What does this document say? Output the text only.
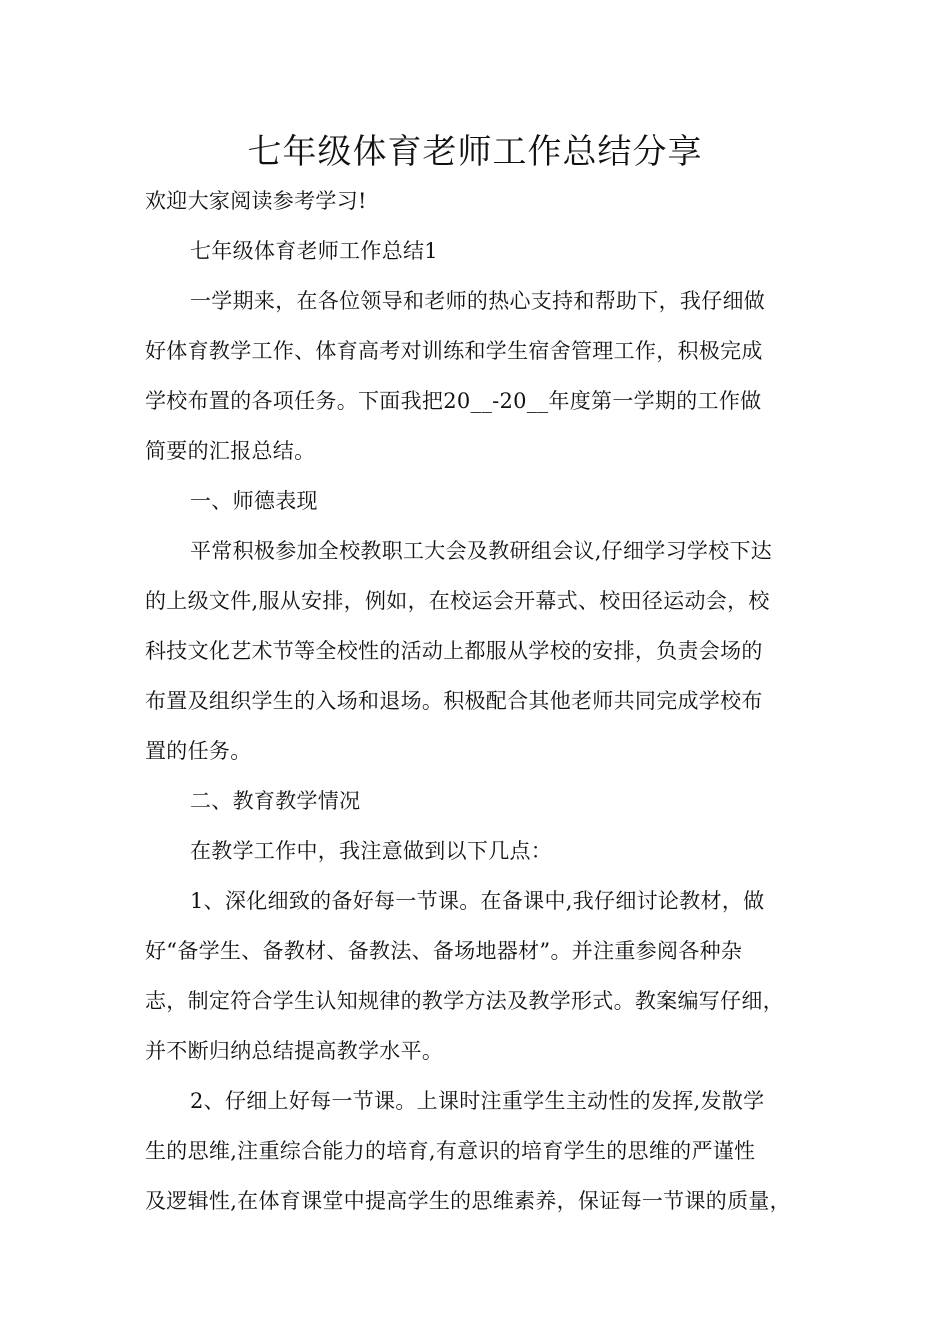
七年级体育老师工作总结分享
欢迎大家阅读参考学习!
七年级体育老师工作总结1
一学期来，在各位领导和老师的热心支持和帮助下，我仔细做
好体育教学工作、体育高考对训练和学生宿舍管理工作，积极完成
学校布置的各项任务。下面我把20__-20__年度第一学期的工作做
简要的汇报总结。
一、师德表现
平常积极参加全校教职工大会及教研组会议,仔细学习学校下达
的上级文件,服从安排，例如，在校运会开幕式、校田径运动会，校
科技文化艺术节等全校性的活动上都服从学校的安排，负责会场的
布置及组织学生的入场和退场。积极配合其他老师共同完成学校布
置的任务。
二、教育教学情况
在教学工作中，我注意做到以下几点：
1、深化细致的备好每一节课。在备课中,我仔细讨论教材，做
好“备学生、备教材、备教法、备场地器材”。并注重参阅各种杂
志，制定符合学生认知规律的教学方法及教学形式。教案编写仔细，
并不断归纳总结提高教学水平。
2、仔细上好每一节课。上课时注重学生主动性的发挥,发散学
生的思维,注重综合能力的培育,有意识的培育学生的思维的严谨性
及逻辑性,在体育课堂中提高学生的思维素养，保证每一节课的质量，
